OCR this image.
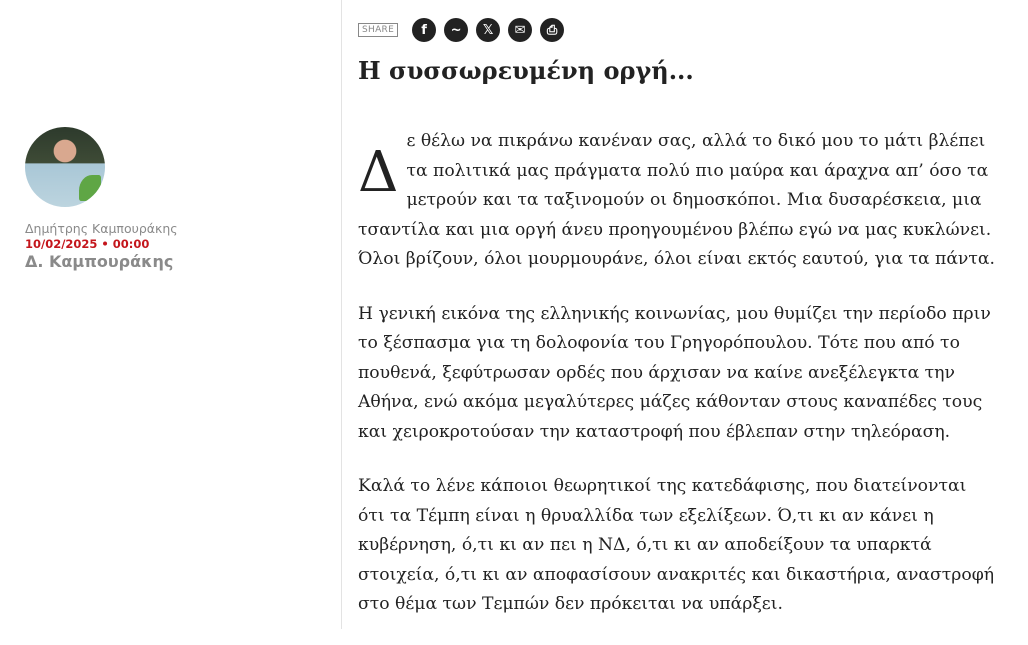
Δημήτρης Καμπουράκης
10/02/2025 • 00:00
Δ. Καμπουράκης
SHARE	f	~	𝕏	✉	⎙
Η συσσωρευμένη οργή...
Δ ε θέλω να πικράνω κανέναν σας, αλλά το δικό μου το μάτι βλέπει
τα πολιτικά μας πράγματα πολύ πιο μαύρα και άραχνα απ’ όσο τα
μετρούν και τα ταξινομούν οι δημοσκόποι. Μια δυσαρέσκεια, μια
τσαντίλα και μια οργή άνευ προηγουμένου βλέπω εγώ να μας κυκλώνει.
Όλοι βρίζουν, όλοι μουρμουράνε, όλοι είναι εκτός εαυτού, για τα πάντα.
Η γενική εικόνα της ελληνικής κοινωνίας, μου θυμίζει την περίοδο πριν
το ξέσπασμα για τη δολοφονία του Γρηγορόπουλου. Τότε που από το
πουθενά, ξεφύτρωσαν ορδές που άρχισαν να καίνε ανεξέλεγκτα την
Αθήνα, ενώ ακόμα μεγαλύτερες μάζες κάθονταν στους καναπέδες τους
και χειροκροτούσαν την καταστροφή που έβλεπαν στην τηλεόραση.
Καλά το λένε κάποιοι θεωρητικοί της κατεδάφισης, που διατείνονται
ότι τα Τέμπη είναι η θρυαλλίδα των εξελίξεων. Ό,τι κι αν κάνει η
κυβέρνηση, ό,τι κι αν πει η ΝΔ, ό,τι κι αν αποδείξουν τα υπαρκτά
στοιχεία, ό,τι κι αν αποφασίσουν ανακριτές και δικαστήρια, αναστροφή
στο θέμα των Τεμπών δεν πρόκειται να υπάρξει.
